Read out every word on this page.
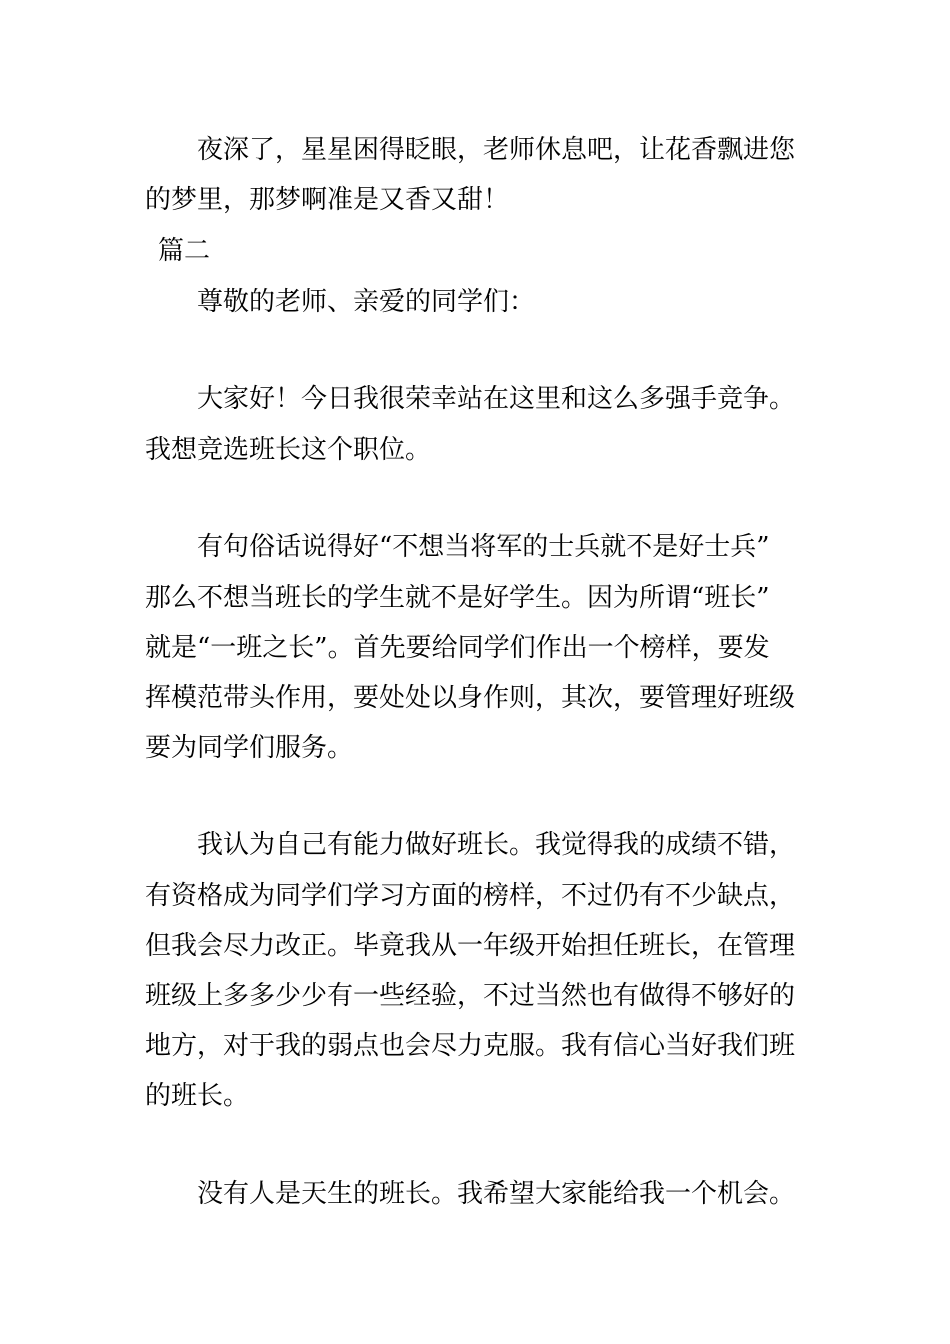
夜深了，星星困得眨眼，老师休息吧，让花香飘进您
的梦里，那梦啊准是又香又甜！
篇二
尊敬的老师、亲爱的同学们：
大家好！今日我很荣幸站在这里和这么多强手竞争。
我想竞选班长这个职位。
有句俗话说得好“不想当将军的士兵就不是好士兵”
那么不想当班长的学生就不是好学生。因为所谓“班长”
就是“一班之长”。首先要给同学们作出一个榜样，要发
挥模范带头作用，要处处以身作则，其次，要管理好班级
要为同学们服务。
我认为自己有能力做好班长。我觉得我的成绩不错，
有资格成为同学们学习方面的榜样，不过仍有不少缺点，
但我会尽力改正。毕竟我从一年级开始担任班长，在管理
班级上多多少少有一些经验，不过当然也有做得不够好的
地方，对于我的弱点也会尽力克服。我有信心当好我们班
的班长。
没有人是天生的班长。我希望大家能给我一个机会。
